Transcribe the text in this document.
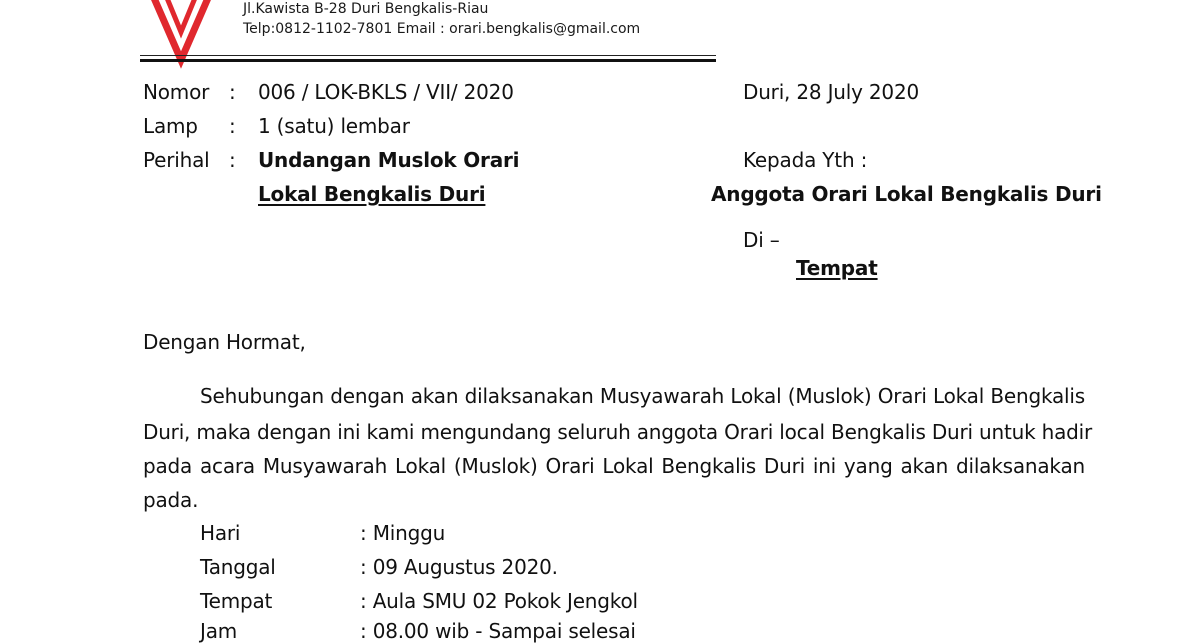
Jl.Kawista B-28 Duri Bengkalis-Riau
Telp:0812-1102-7801 Email : orari.bengkalis@gmail.com
Nomor : 006 / LOK-BKLS / VII/ 2020
Lamp : 1 (satu) lembar
Perihal : Undangan Muslok Orari
Lokal Bengkalis Duri
Duri, 28 July 2020
Kepada Yth :
Anggota Orari Lokal Bengkalis Duri
Di –
Tempat
Dengan Hormat,
Sehubungan dengan akan dilaksanakan Musyawarah Lokal (Muslok) Orari Lokal Bengkalis
Duri, maka dengan ini kami mengundang seluruh anggota Orari local Bengkalis Duri untuk hadir
pada acara Musyawarah Lokal (Muslok) Orari Lokal Bengkalis Duri ini yang akan dilaksanakan
pada.
Hari	: Minggu
Tanggal	: 09 Augustus 2020.
Tempat	: Aula SMU 02 Pokok Jengkol
Jam	: 08.00 wib - Sampai selesai
